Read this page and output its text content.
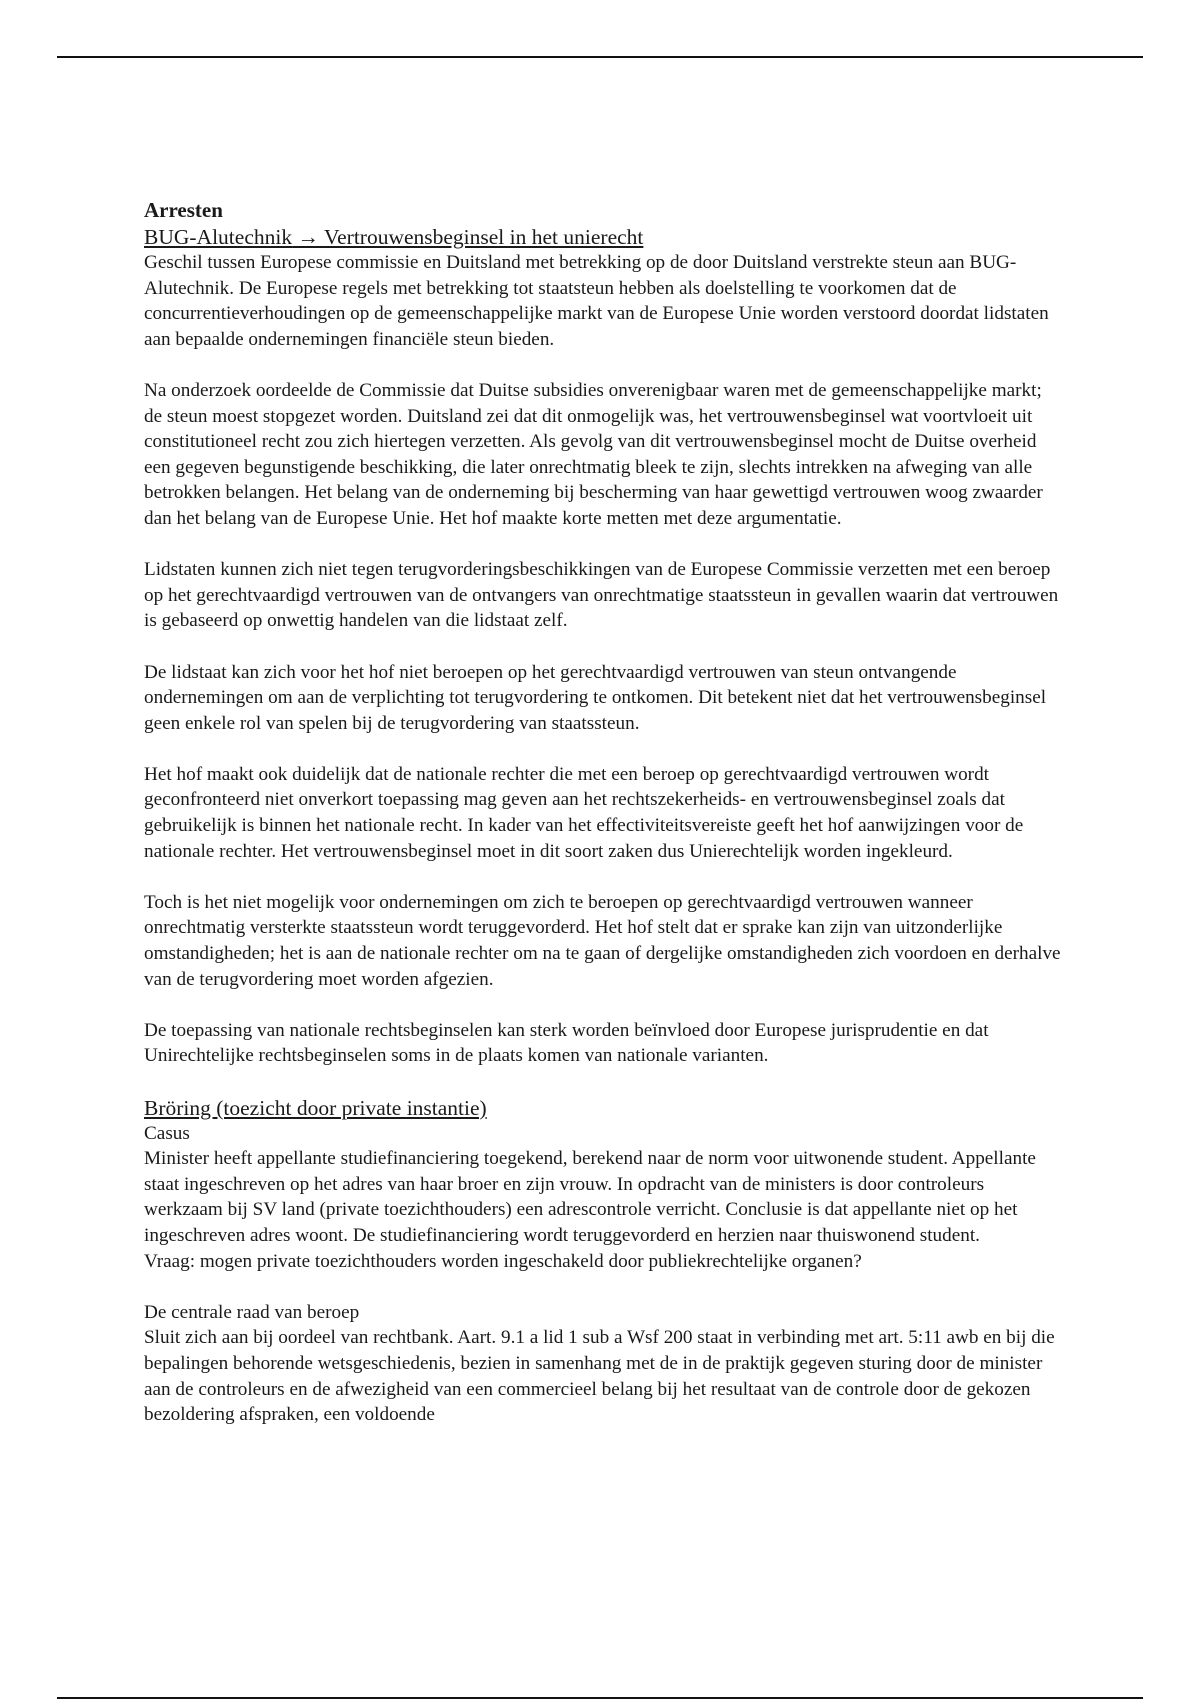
Arresten

BUG-Alutechnik → Vertrouwensbeginsel in het unierecht

Geschil tussen Europese commissie en Duitsland met betrekking op de door Duitsland verstrekte steun aan BUG-Alutechnik. De Europese regels met betrekking tot staatsteun hebben als doelstelling te voorkomen dat de concurrentieverhoudingen op de gemeenschappelijke markt van de Europese Unie worden verstoord doordat lidstaten aan bepaalde ondernemingen financiële steun bieden.

Na onderzoek oordeelde de Commissie dat Duitse subsidies onverenigbaar waren met de gemeenschappelijke markt; de steun moest stopgezet worden. Duitsland zei dat dit onmogelijk was, het vertrouwensbeginsel wat voortvloeit uit constitutioneel recht zou zich hiertegen verzetten. Als gevolg van dit vertrouwensbeginsel mocht de Duitse overheid een gegeven begunstigende beschikking, die later onrechtmatig bleek te zijn, slechts intrekken na afweging van alle betrokken belangen. Het belang van de onderneming bij bescherming van haar gewettigd vertrouwen woog zwaarder dan het belang van de Europese Unie. Het hof maakte korte metten met deze argumentatie.

Lidstaten kunnen zich niet tegen terugvorderingsbeschikkingen van de Europese Commissie verzetten met een beroep op het gerechtvaardigd vertrouwen van de ontvangers van onrechtmatige staatssteun in gevallen waarin dat vertrouwen is gebaseerd op onwettig handelen van die lidstaat zelf.

De lidstaat kan zich voor het hof niet beroepen op het gerechtvaardigd vertrouwen van steun ontvangende ondernemingen om aan de verplichting tot terugvordering te ontkomen. Dit betekent niet dat het vertrouwensbeginsel geen enkele rol van spelen bij de terugvordering van staatssteun.

Het hof maakt ook duidelijk dat de nationale rechter die met een beroep op gerechtvaardigd vertrouwen wordt geconfronteerd niet onverkort toepassing mag geven aan het rechtszekerheids- en vertrouwensbeginsel zoals dat gebruikelijk is binnen het nationale recht. In kader van het effectiviteitsvereiste geeft het hof aanwijzingen voor de nationale rechter. Het vertrouwensbeginsel moet in dit soort zaken dus Unierechtelijk worden ingekleurd.

Toch is het niet mogelijk voor ondernemingen om zich te beroepen op gerechtvaardigd vertrouwen wanneer onrechtmatig versterkte staatssteun wordt teruggevorderd. Het hof stelt dat er sprake kan zijn van uitzonderlijke omstandigheden; het is aan de nationale rechter om na te gaan of dergelijke omstandigheden zich voordoen en derhalve van de terugvordering moet worden afgezien.

De toepassing van nationale rechtsbeginselen kan sterk worden beïnvloed door Europese jurisprudentie en dat Unirechtelijke rechtsbeginselen soms in de plaats komen van nationale varianten.

Bröring (toezicht door private instantie)

Casus

Minister heeft appellante studiefinanciering toegekend, berekend naar de norm voor uitwonende student. Appellante staat ingeschreven op het adres van haar broer en zijn vrouw. In opdracht van de ministers is door controleurs werkzaam bij SV land (private toezichthouders) een adrescontrole verricht. Conclusie is dat appellante niet op het ingeschreven adres woont. De studiefinanciering wordt teruggevorderd en herzien naar thuiswonend student.

Vraag: mogen private toezichthouders worden ingeschakeld door publiekrechtelijke organen?

De centrale raad van beroep

Sluit zich aan bij oordeel van rechtbank. Aart. 9.1 a lid 1 sub a Wsf 200 staat in verbinding met art. 5:11 awb en bij die bepalingen behorende wetsgeschiedenis, bezien in samenhang met de in de praktijk gegeven sturing door de minister aan de controleurs en de afwezigheid van een commercieel belang bij het resultaat van de controle door de gekozen bezoldering afspraken, een voldoende
